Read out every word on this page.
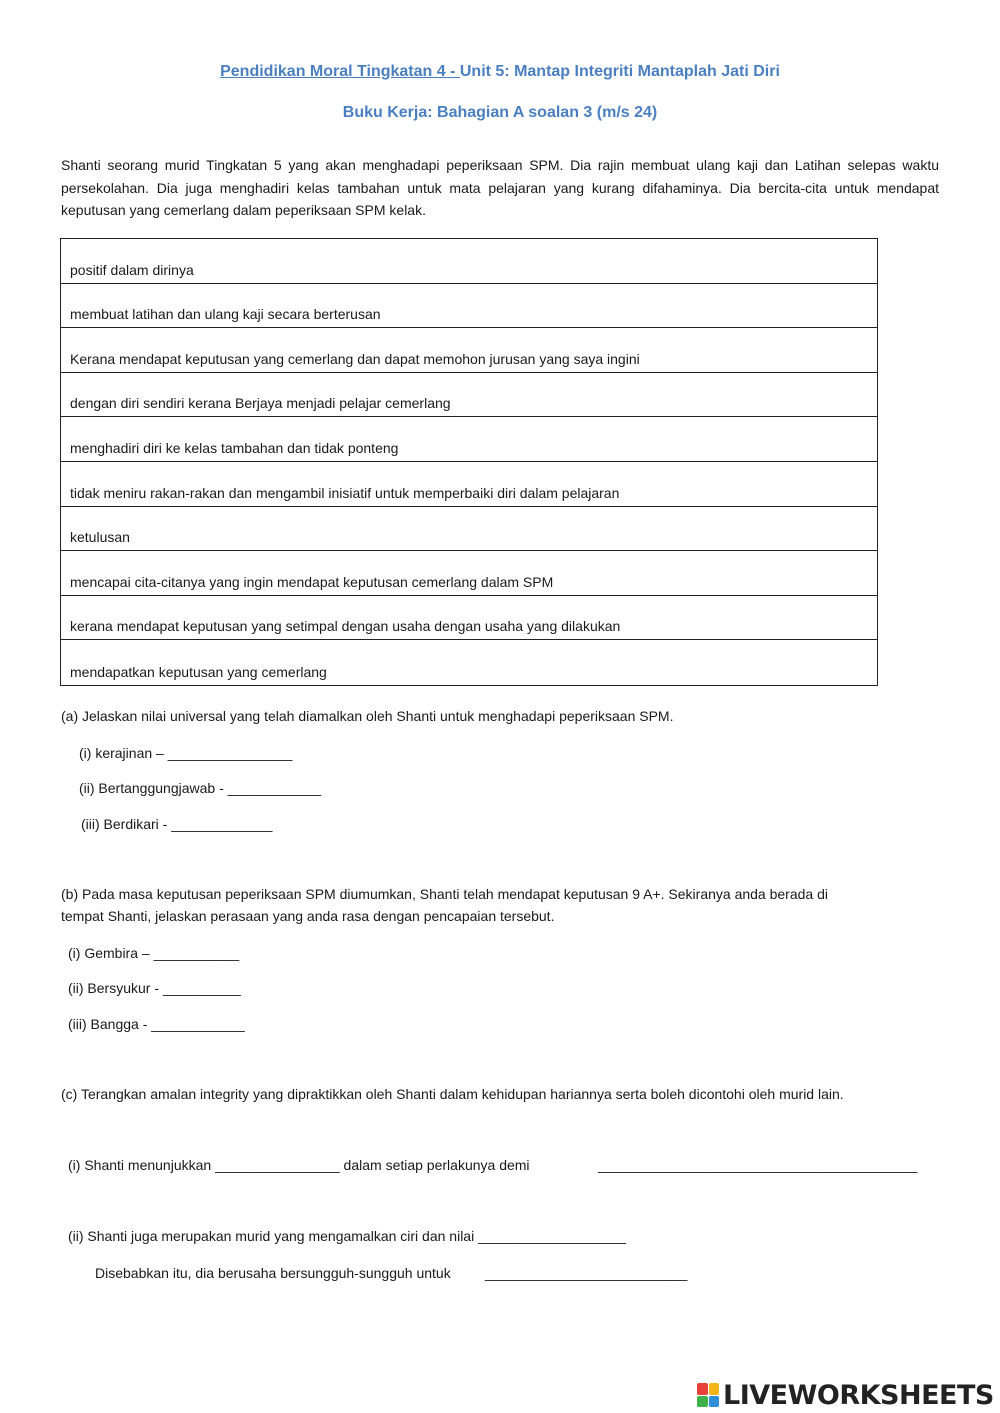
Pendidikan Moral Tingkatan 4 - Unit 5: Mantap Integriti Mantaplah Jati Diri
Buku Kerja: Bahagian A soalan 3 (m/s 24)
Shanti seorang murid Tingkatan 5 yang akan menghadapi peperiksaan SPM. Dia rajin membuat ulang kaji dan Latihan selepas waktu persekolahan. Dia juga menghadiri kelas tambahan untuk mata pelajaran yang kurang difahaminya. Dia bercita-cita untuk mendapat keputusan yang cemerlang dalam peperiksaan SPM kelak.
positif dalam dirinya
membuat latihan dan ulang kaji secara berterusan
Kerana mendapat keputusan yang cemerlang dan dapat memohon jurusan yang saya ingini
dengan diri sendiri kerana Berjaya menjadi pelajar cemerlang
menghadiri diri ke kelas tambahan dan tidak ponteng
tidak meniru rakan-rakan dan mengambil inisiatif untuk memperbaiki diri dalam pelajaran
ketulusan
mencapai cita-citanya yang ingin mendapat keputusan cemerlang dalam SPM
kerana mendapat keputusan yang setimpal dengan usaha dengan usaha yang dilakukan
mendapatkan keputusan yang cemerlang
(a) Jelaskan nilai universal yang telah diamalkan oleh Shanti untuk menghadapi peperiksaan SPM.
(i) kerajinan – ________________
(ii) Bertanggungjawab - ____________
(iii) Berdikari - _____________
(b) Pada masa keputusan peperiksaan SPM diumumkan, Shanti telah mendapat keputusan 9 A+. Sekiranya anda berada di
tempat Shanti, jelaskan perasaan yang anda rasa dengan pencapaian tersebut.
(i) Gembira – ___________
(ii) Bersyukur - __________
(iii) Bangga - ____________
(c) Terangkan amalan integrity yang dipraktikkan oleh Shanti dalam kehidupan hariannya serta boleh dicontohi oleh murid lain.
(i) Shanti menunjukkan ________________ dalam setiap perlakunya demi	_________________________________________
(ii) Shanti juga merupakan murid yang mengamalkan ciri dan nilai ___________________
Disebabkan itu, dia berusaha bersungguh-sungguh untuk __________________________
LIVEWORKSHEETS
